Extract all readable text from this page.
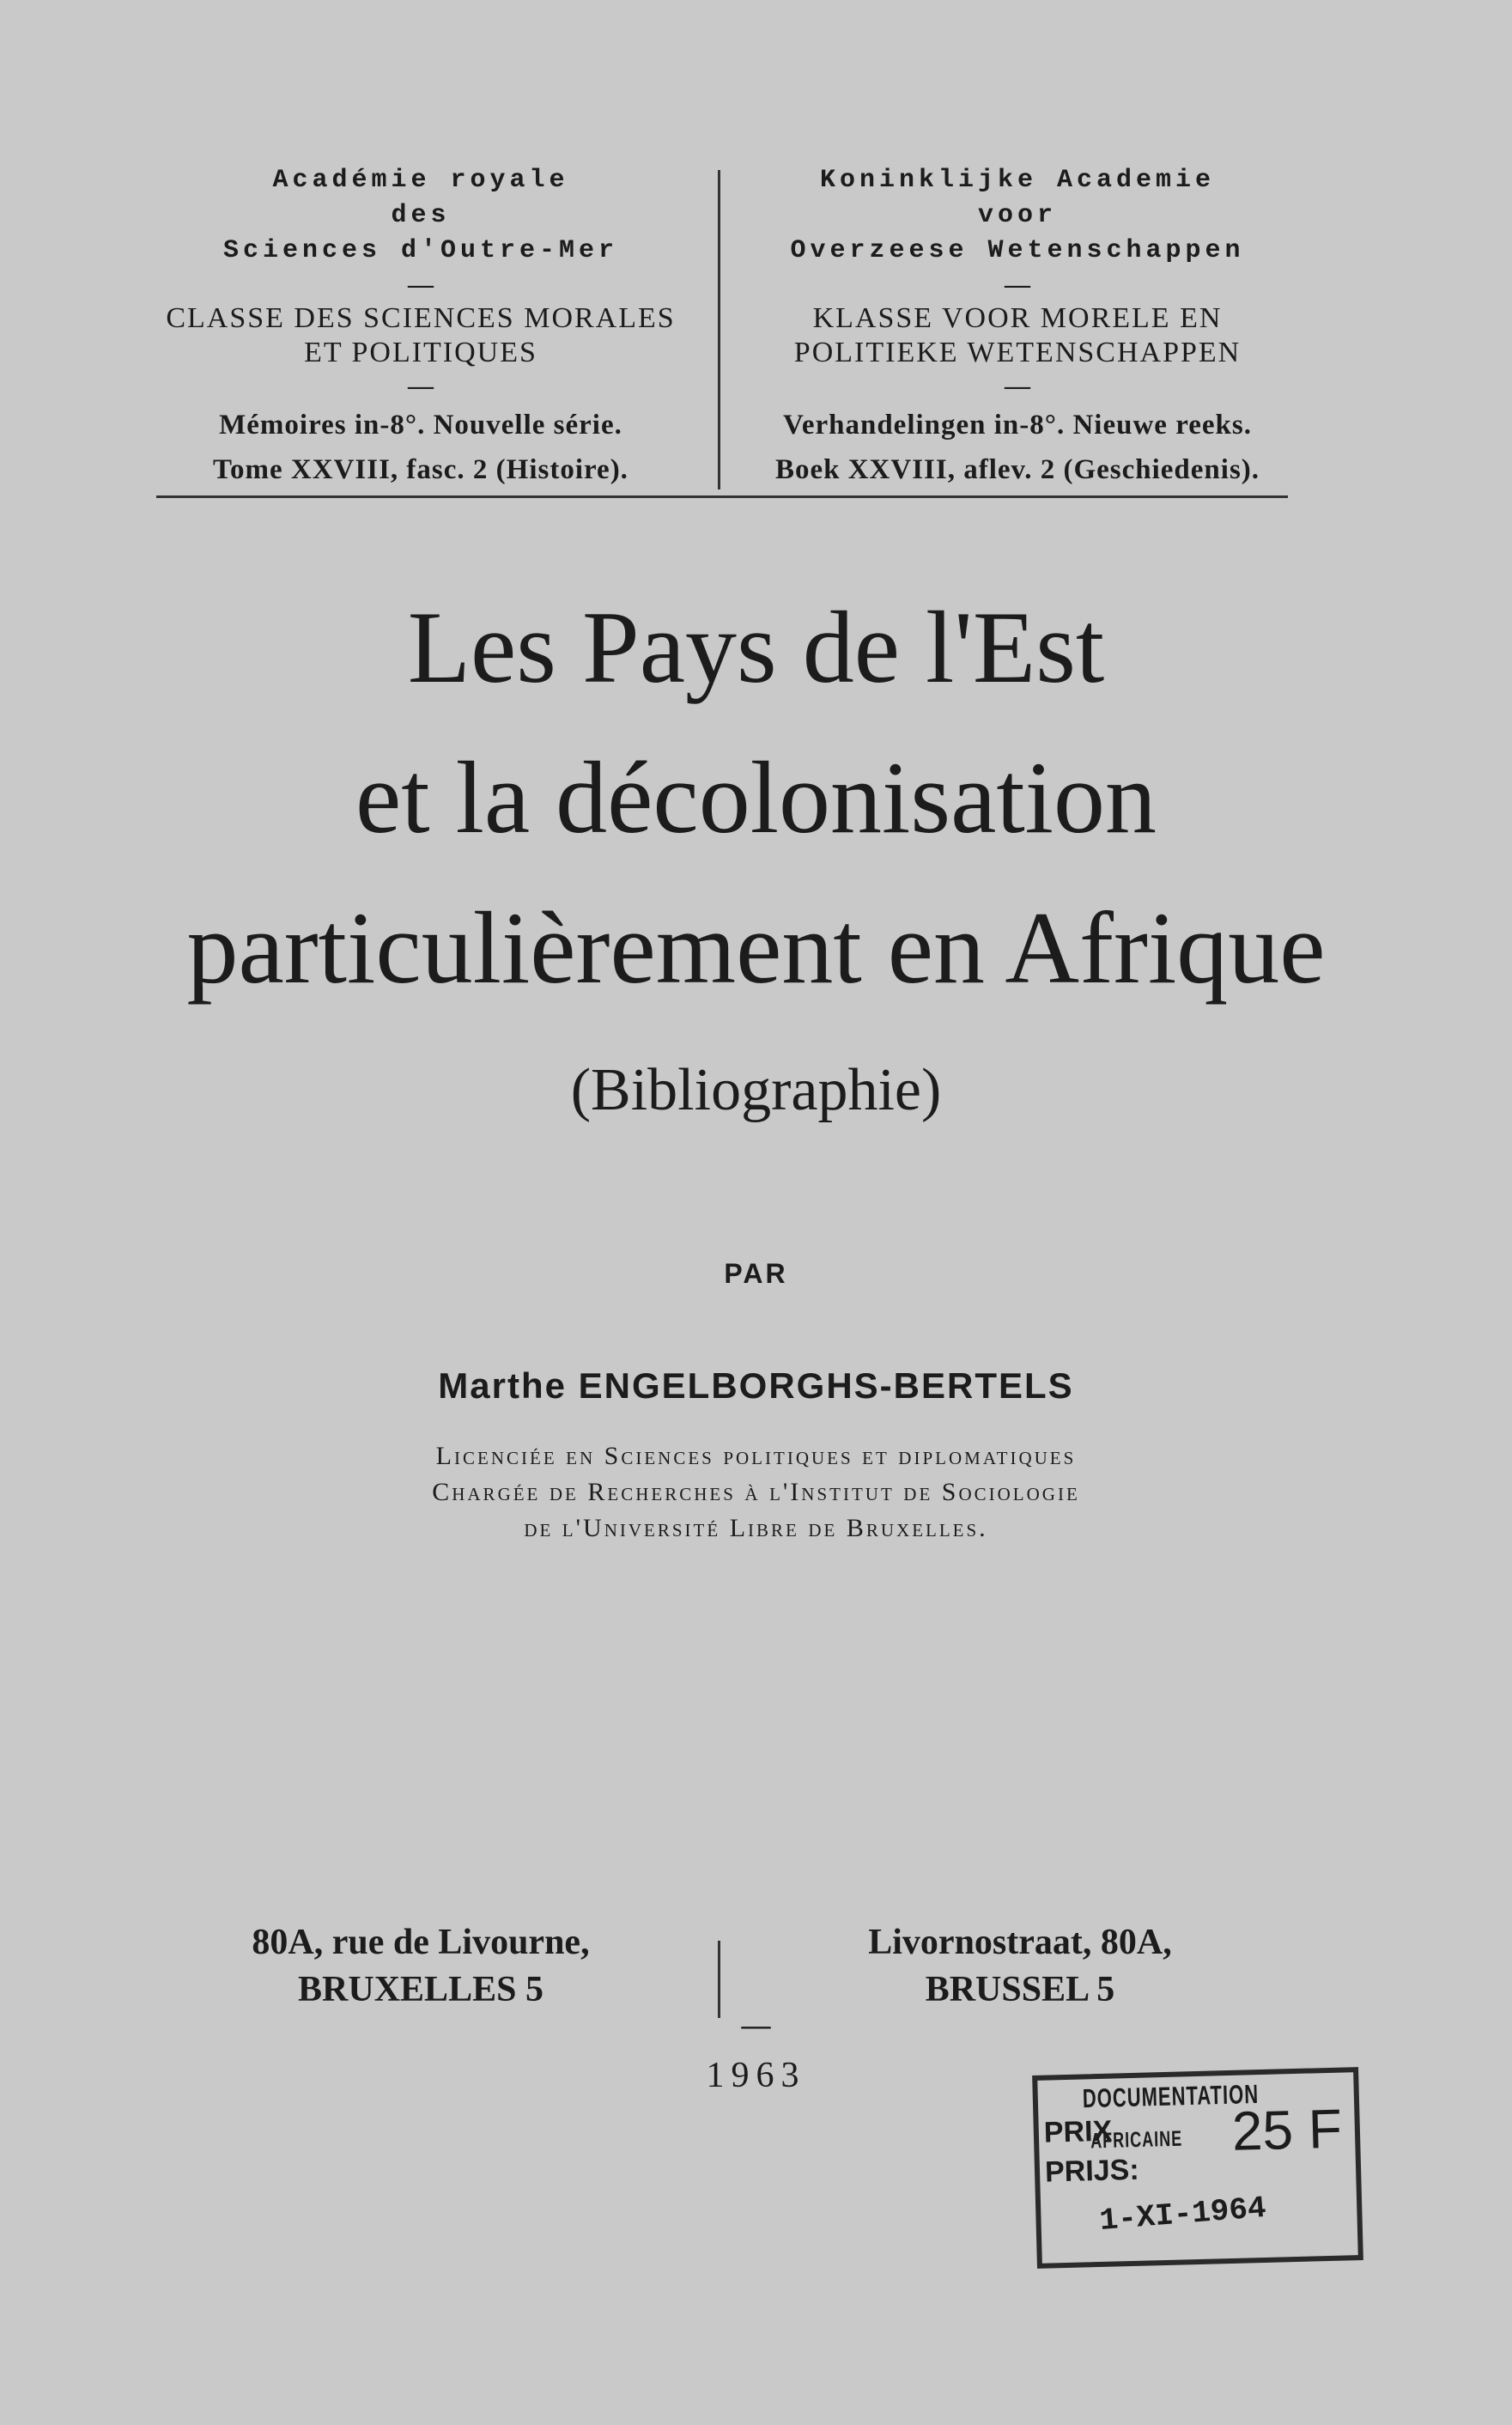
Académie royale
des
Sciences d'Outre-Mer
—
CLASSE DES SCIENCES MORALES
ET POLITIQUES
—
Mémoires in-8°. Nouvelle série.
Tome XXVIII, fasc. 2 (Histoire).
Koninklijke Academie
voor
Overzeese Wetenschappen
—
KLASSE VOOR MORELE EN
POLITIEKE WETENSCHAPPEN
—
Verhandelingen in-8°. Nieuwe reeks.
Boek XXVIII, aflev. 2 (Geschiedenis).
Les Pays de l'Est
et la décolonisation
particulièrement en Afrique
(Bibliographie)
PAR
Marthe ENGELBORGHS-BERTELS
Licenciée en Sciences politiques et diplomatiques
Chargée de Recherches à l'Institut de Sociologie
de l'Université Libre de Bruxelles.
80A, rue de Livourne,
BRUXELLES 5
Livornostraat, 80A,
BRUSSEL 5
—
1963
DOCUMENTATION
AFRICAINE
PRIX
PRIJS:
25 F
1-XI-1964
